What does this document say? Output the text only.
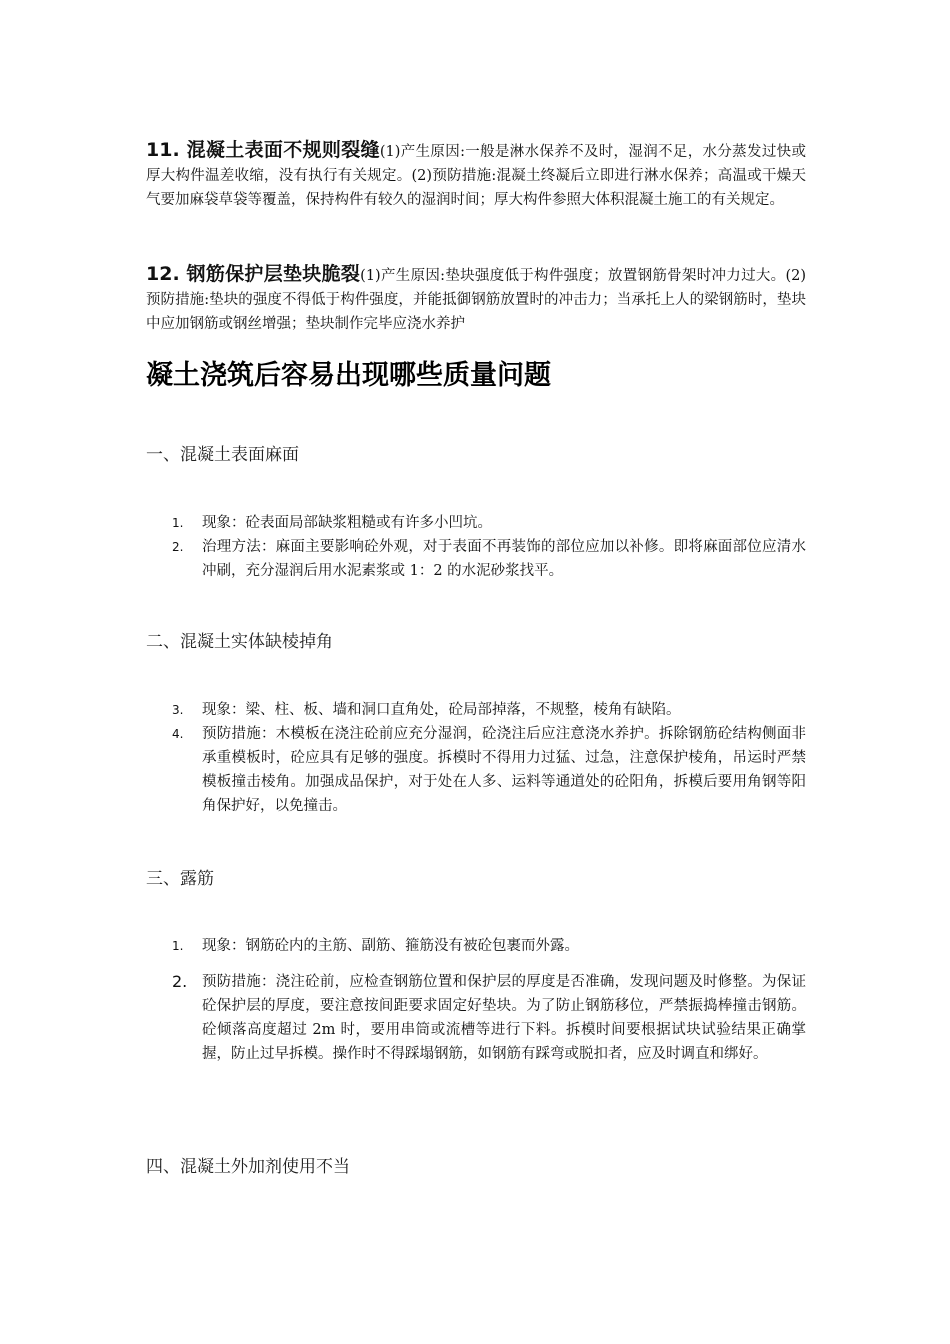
11. 混凝土表面不规则裂缝(1)产生原因:一般是淋水保养不及时，湿润不足，水分蒸发过快或厚大构件温差收缩，没有执行有关规定。(2)预防措施:混凝土终凝后立即进行淋水保养；高温或干燥天气要加麻袋草袋等覆盖，保持构件有较久的湿润时间；厚大构件参照大体积混凝土施工的有关规定。
12. 钢筋保护层垫块脆裂(1)产生原因:垫块强度低于构件强度；放置钢筋骨架时冲力过大。(2)预防措施:垫块的强度不得低于构件强度，并能抵御钢筋放置时的冲击力；当承托上人的梁钢筋时，垫块中应加钢筋或钢丝增强；垫块制作完毕应浇水养护
凝土浇筑后容易出现哪些质量问题
一、混凝土表面麻面
1. 现象：砼表面局部缺浆粗糙或有许多小凹坑。
2. 治理方法：麻面主要影响砼外观，对于表面不再装饰的部位应加以补修。即将麻面部位应清水冲刷，充分湿润后用水泥素浆或 1：2 的水泥砂浆找平。
二、混凝土实体缺棱掉角
3. 现象：梁、柱、板、墙和洞口直角处，砼局部掉落，不规整，棱角有缺陷。
4. 预防措施：木模板在浇注砼前应充分湿润，砼浇注后应注意浇水养护。拆除钢筋砼结构侧面非承重模板时，砼应具有足够的强度。拆模时不得用力过猛、过急，注意保护棱角，吊运时严禁模板撞击棱角。加强成品保护，对于处在人多、运料等通道处的砼阳角，拆模后要用角钢等阳角保护好，以免撞击。
三、露筋
1. 现象：钢筋砼内的主筋、副筋、箍筋没有被砼包裹而外露。
2. 预防措施：浇注砼前，应检查钢筋位置和保护层的厚度是否准确，发现问题及时修整。为保证砼保护层的厚度，要注意按间距要求固定好垫块。为了防止钢筋移位，严禁振捣棒撞击钢筋。砼倾落高度超过 2m 时，要用串筒或流槽等进行下料。拆模时间要根据试块试验结果正确掌握，防止过早拆模。操作时不得踩塌钢筋，如钢筋有踩弯或脱扣者，应及时调直和绑好。
四、混凝土外加剂使用不当
